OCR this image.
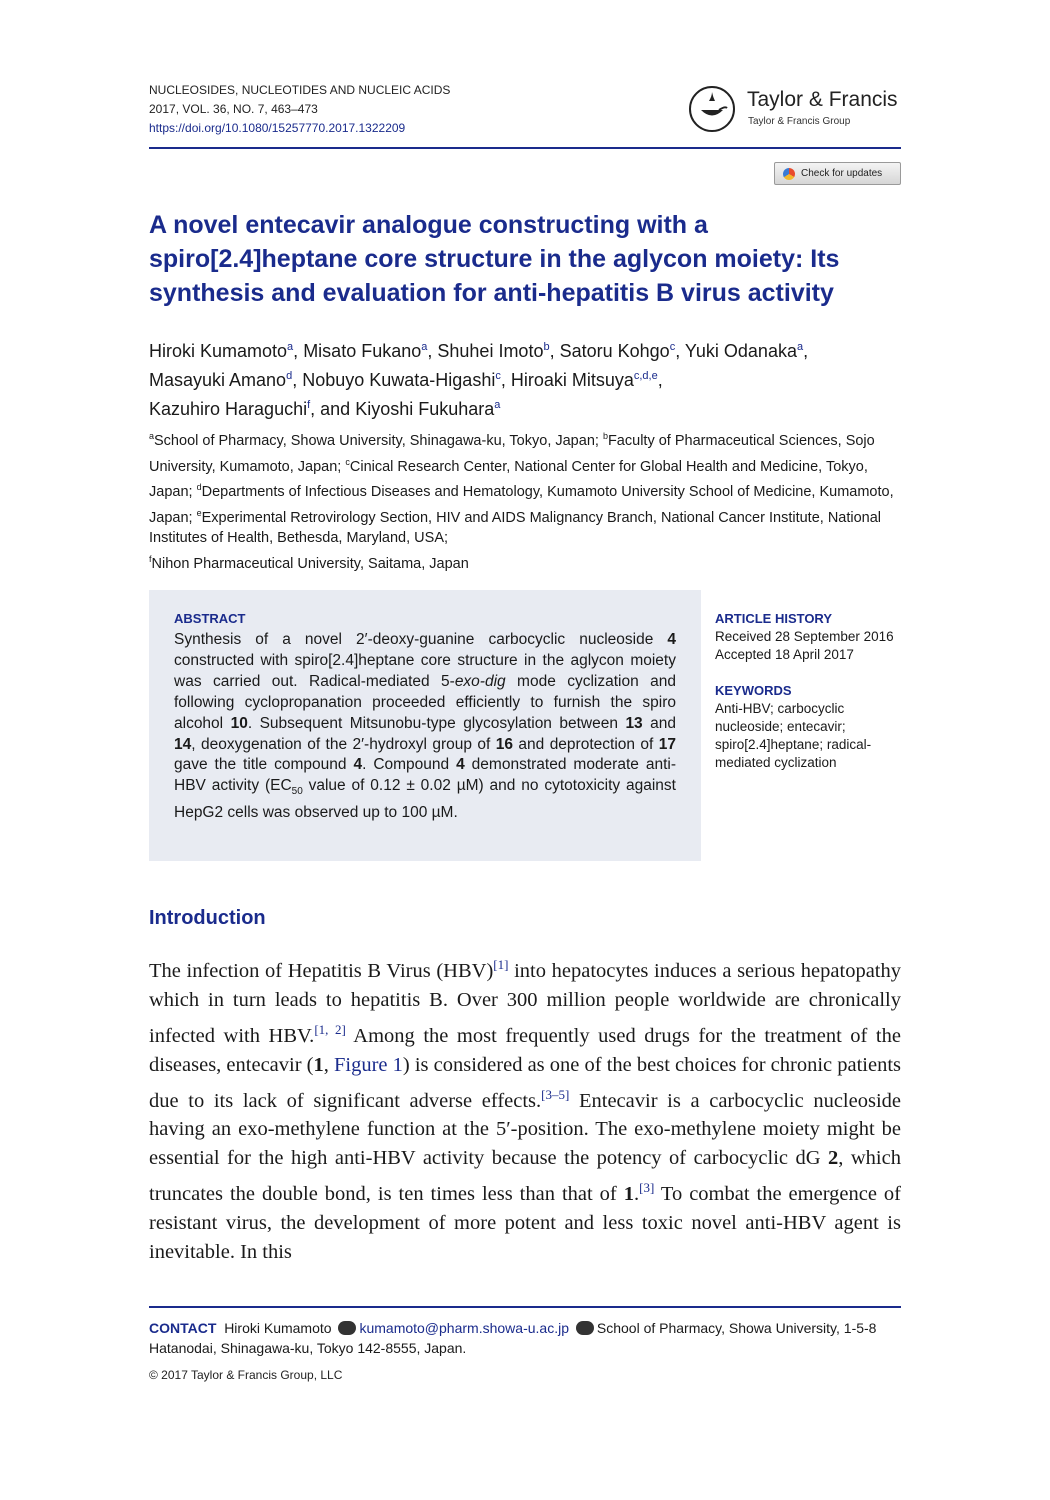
NUCLEOSIDES, NUCLEOTIDES AND NUCLEIC ACIDS
2017, VOL. 36, NO. 7, 463–473
https://doi.org/10.1080/15257770.2017.1322209
Taylor & Francis
Taylor & Francis Group
Check for updates
A novel entecavir analogue constructing with a spiro[2.4]heptane core structure in the aglycon moiety: Its synthesis and evaluation for anti-hepatitis B virus activity
Hiroki Kumamoto$^a$, Misato Fukano$^a$, Shuhei Imoto$^b$, Satoru Kohgo$^c$, Yuki Odanaka$^a$,
Masayuki Amano$^d$, Nobuyo Kuwata-Higashi$^c$, Hiroaki Mitsuya$^{c,d,e}$,
Kazuhiro Haraguchi$^f$, and Kiyoshi Fukuhara$^a$
$^a$School of Pharmacy, Showa University, Shinagawa-ku, Tokyo, Japan; $^b$Faculty of Pharmaceutical Sciences, Sojo University, Kumamoto, Japan; $^c$Cinical Research Center, National Center for Global Health and Medicine, Tokyo, Japan; $^d$Departments of Infectious Diseases and Hematology, Kumamoto University School of Medicine, Kumamoto, Japan; $^e$Experimental Retrovirology Section, HIV and AIDS Malignancy Branch, National Cancer Institute, National Institutes of Health, Bethesda, Maryland, USA;
$^f$Nihon Pharmaceutical University, Saitama, Japan
ABSTRACT
Synthesis of a novel 2′-deoxy-guanine carbocyclic nucleoside 4 constructed with spiro[2.4]heptane core structure in the aglycon moiety was carried out. Radical-mediated 5-exo-dig mode cyclization and following cyclopropanation proceeded efficiently to furnish the spiro alcohol 10. Subsequent Mitsunobu-type glycosylation between 13 and 14, deoxygenation of the 2′-hydroxyl group of 16 and deprotection of 17 gave the title compound 4. Compound 4 demonstrated moderate anti-HBV activity ($EC_{50}$ value of 0.12 ± 0.02 µM) and no cytotoxicity against HepG2 cells was observed up to 100 µM.
ARTICLE HISTORY
Received 28 September 2016
Accepted 18 April 2017
KEYWORDS
Anti-HBV; carbocyclic nucleoside; entecavir; spiro[2.4]heptane; radical-mediated cyclization
Introduction
The infection of Hepatitis B Virus (HBV)[1] into hepatocytes induces a serious hepatopathy which in turn leads to hepatitis B. Over 300 million people worldwide are chronically infected with HBV.[1, 2] Among the most frequently used drugs for the treatment of the diseases, entecavir (1, Figure 1) is considered as one of the best choices for chronic patients due to its lack of significant adverse effects.[3–5] Entecavir is a carbocyclic nucleoside having an exo-methylene function at the 5′-position. The exo-methylene moiety might be essential for the high anti-HBV activity because the potency of carbocyclic dG 2, which truncates the double bond, is ten times less than that of 1.[3] To combat the emergence of resistant virus, the development of more potent and less toxic novel anti-HBV agent is inevitable. In this
CONTACT Hiroki Kumamoto kumamoto@pharm.showa-u.ac.jp School of Pharmacy, Showa University, 1-5-8 Hatanodai, Shinagawa-ku, Tokyo 142-8555, Japan.
© 2017 Taylor & Francis Group, LLC
